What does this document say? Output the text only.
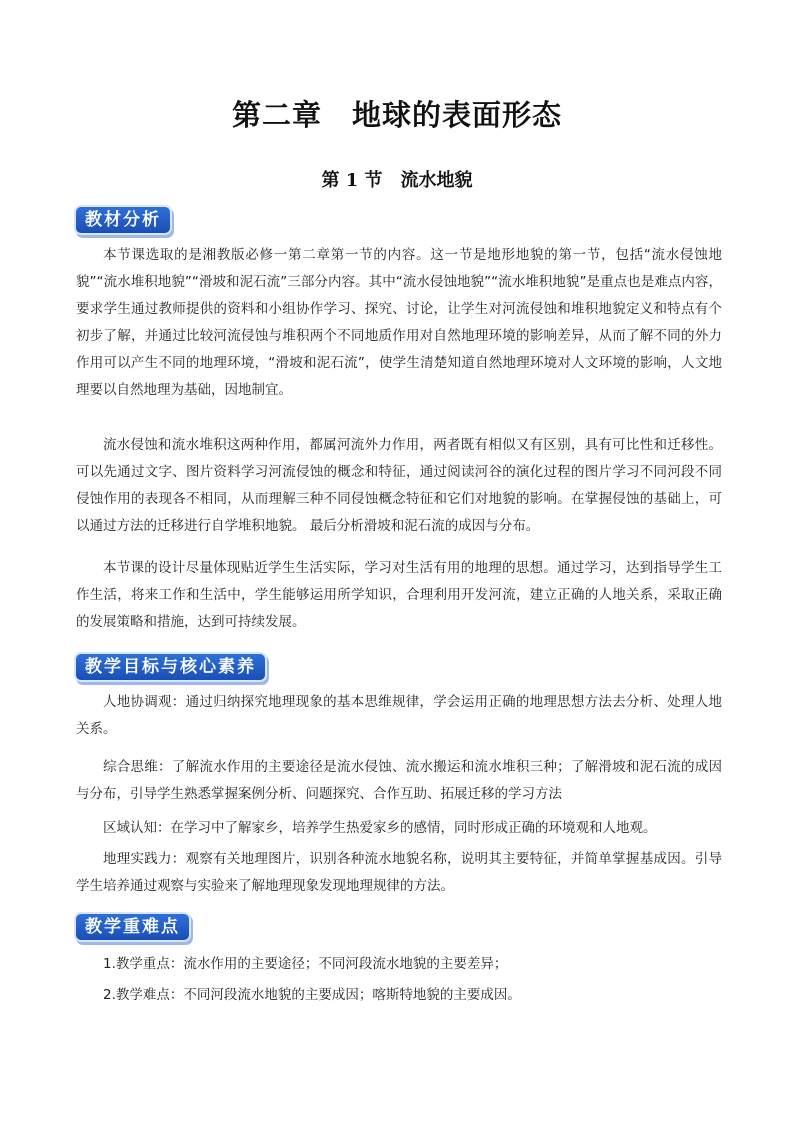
第二章　地球的表面形态
第 1 节　流水地貌
教材分析

本节课选取的是湘教版必修一第二章第一节的内容。这一节是地形地貌的第一节，包括“流水侵蚀地貌”“流水堆积地貌”“滑坡和泥石流”三部分内容。其中“流水侵蚀地貌”“流水堆积地貌”是重点也是难点内容，要求学生通过教师提供的资料和小组协作学习、探究、讨论，让学生对河流侵蚀和堆积地貌定义和特点有个初步了解，并通过比较河流侵蚀与堆积两个不同地质作用对自然地理环境的影响差异，从而了解不同的外力作用可以产生不同的地理环境，“滑坡和泥石流”，使学生清楚知道自然地理环境对人文环境的影响，人文地理要以自然地理为基础，因地制宜。

流水侵蚀和流水堆积这两种作用，都属河流外力作用，两者既有相似又有区别，具有可比性和迁移性。可以先通过文字、图片资料学习河流侵蚀的概念和特征，通过阅读河谷的演化过程的图片学习不同河段不同侵蚀作用的表现各不相同，从而理解三种不同侵蚀概念特征和它们对地貌的影响。在掌握侵蚀的基础上，可以通过方法的迁移进行自学堆积地貌。 最后分析滑坡和泥石流的成因与分布。

本节课的设计尽量体现贴近学生生活实际，学习对生活有用的地理的思想。通过学习，达到指导学生工作生活，将来工作和生活中，学生能够运用所学知识，合理利用开发河流，建立正确的人地关系，采取正确的发展策略和措施，达到可持续发展。

教学目标与核心素养

人地协调观：通过归纳探究地理现象的基本思维规律，学会运用正确的地理思想方法去分析、处理人地关系。

综合思维：了解流水作用的主要途径是流水侵蚀、流水搬运和流水堆积三种；了解滑坡和泥石流的成因与分布，引导学生熟悉掌握案例分析、问题探究、合作互助、拓展迁移的学习方法

区域认知：在学习中了解家乡，培养学生热爱家乡的感情，同时形成正确的环境观和人地观。

地理实践力：观察有关地理图片，识别各种流水地貌名称，说明其主要特征，并简单掌握基成因。引导学生培养通过观察与实验来了解地理现象发现地理规律的方法。

教学重难点

1.教学重点：流水作用的主要途径；不同河段流水地貌的主要差异；

2.教学难点：不同河段流水地貌的主要成因；喀斯特地貌的主要成因。
